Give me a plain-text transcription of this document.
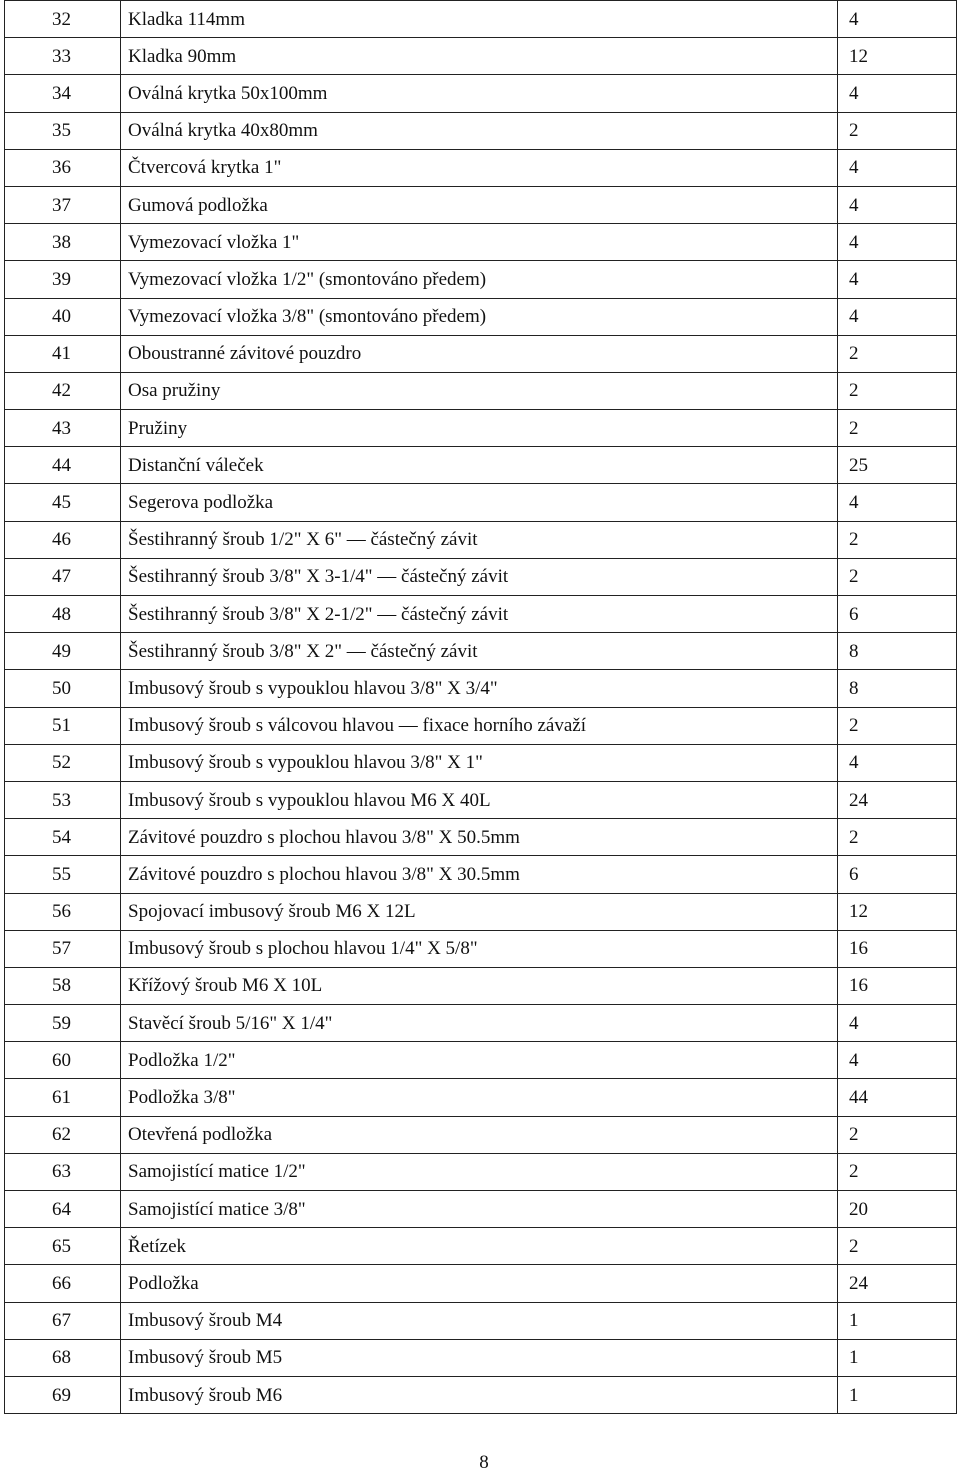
32	Kladka 114mm	4
33	Kladka 90mm	12
34	Oválná krytka 50x100mm	4
35	Oválná krytka 40x80mm	2
36	Čtvercová krytka 1"	4
37	Gumová podložka	4
38	Vymezovací vložka 1"	4
39	Vymezovací vložka 1/2" (smontováno předem)	4
40	Vymezovací vložka 3/8" (smontováno předem)	4
41	Oboustranné závitové pouzdro	2
42	Osa pružiny	2
43	Pružiny	2
44	Distanční váleček	25
45	Segerova podložka	4
46	Šestihranný šroub 1/2" X 6" ― částečný závit	2
47	Šestihranný šroub 3/8" X 3-1/4" ― částečný závit	2
48	Šestihranný šroub 3/8" X 2-1/2" ― částečný závit	6
49	Šestihranný šroub 3/8" X 2" ― částečný závit	8
50	Imbusový šroub s vypouklou hlavou 3/8" X 3/4"	8
51	Imbusový šroub s válcovou hlavou ― fixace horního závaží	2
52	Imbusový šroub s vypouklou hlavou 3/8" X 1"	4
53	Imbusový šroub s vypouklou hlavou M6 X 40L	24
54	Závitové pouzdro s plochou hlavou 3/8" X 50.5mm	2
55	Závitové pouzdro s plochou hlavou 3/8" X 30.5mm	6
56	Spojovací imbusový šroub M6 X 12L	12
57	Imbusový šroub s plochou hlavou 1/4" X 5/8"	16
58	Křížový šroub M6 X 10L	16
59	Stavěcí šroub 5/16" X 1/4"	4
60	Podložka 1/2"	4
61	Podložka 3/8"	44
62	Otevřená podložka	2
63	Samojistící matice 1/2"	2
64	Samojistící matice 3/8"	20
65	Řetízek	2
66	Podložka	24
67	Imbusový šroub M4	1
68	Imbusový šroub M5	1
69	Imbusový šroub M6	1
8
